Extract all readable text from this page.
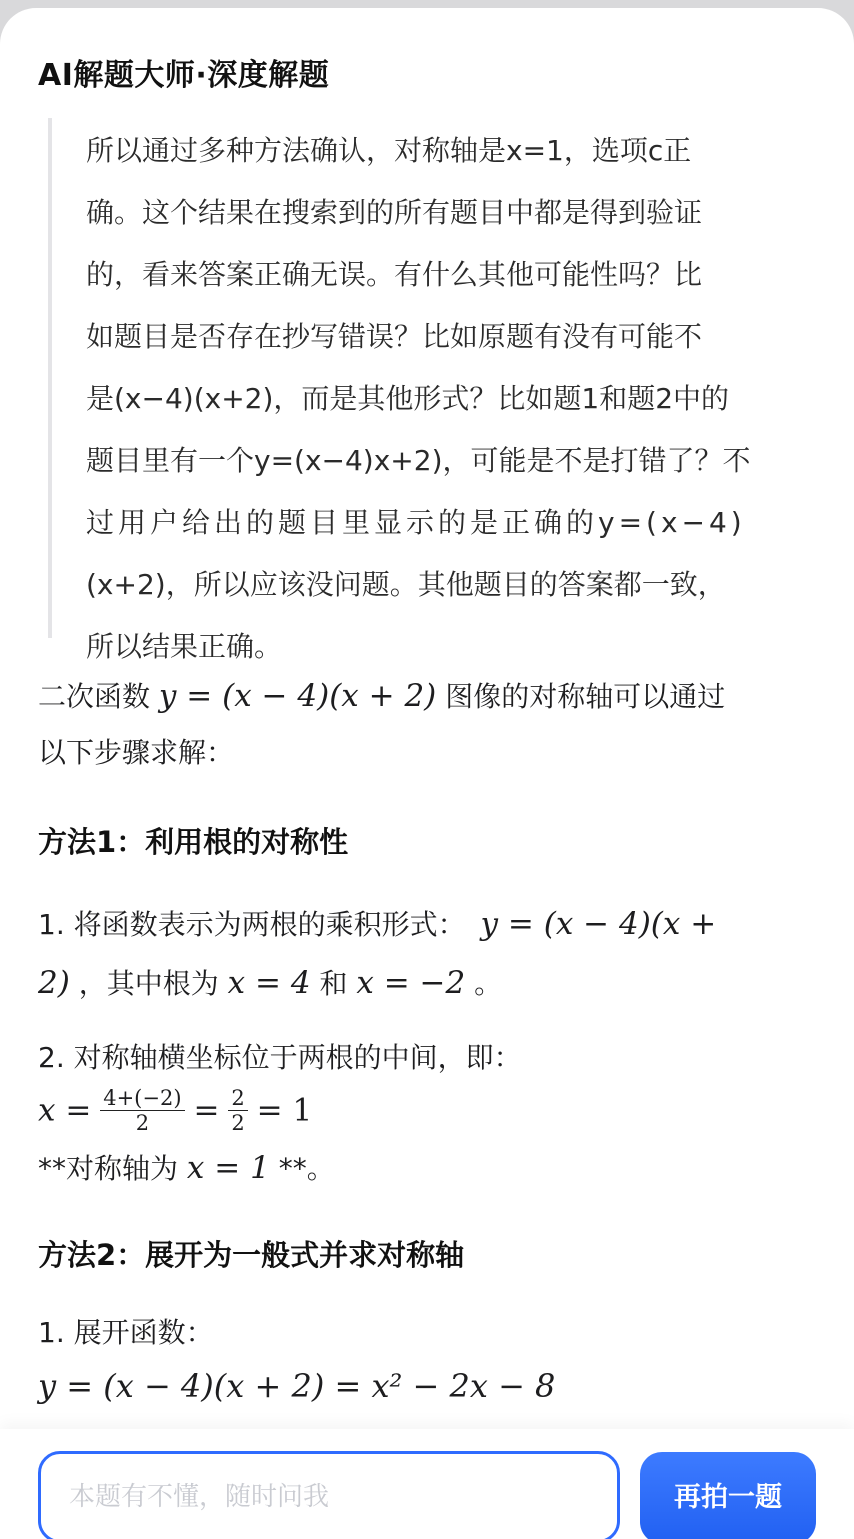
AI解题大师·深度解题
所以通过多种方法确认，对称轴是x=1，选项c正
确。这个结果在搜索到的所有题目中都是得到验证
的，看来答案正确无误。有什么其他可能性吗？比
如题目是否存在抄写错误？比如原题有没有可能不
是(x−4)(x+2)，而是其他形式？比如题1和题2中的
题目里有一个y=(x−4)x+2)，可能是不是打错了？不
过用户给出的题目里显示的是正确的y=(x−4)
(x+2)，所以应该没问题。其他题目的答案都一致，
所以结果正确。
二次函数 y = (x − 4)(x + 2) 图像的对称轴可以通过
以下步骤求解：
方法1：利用根的对称性
1. 将函数表示为两根的乘积形式： y = (x − 4)(x +
2) ，其中根为 x = 4 和 x = −2 。
2. 对称轴横坐标位于两根的中间，即：
$x = \frac{4+(-2)}{2} = \frac{2}{2} = 1$
**对称轴为 x = 1 **。
方法2：展开为一般式并求对称轴
1. 展开函数：
y = (x − 4)(x + 2) = x² − 2x − 8
本题有不懂，随时问我	再拍一题
